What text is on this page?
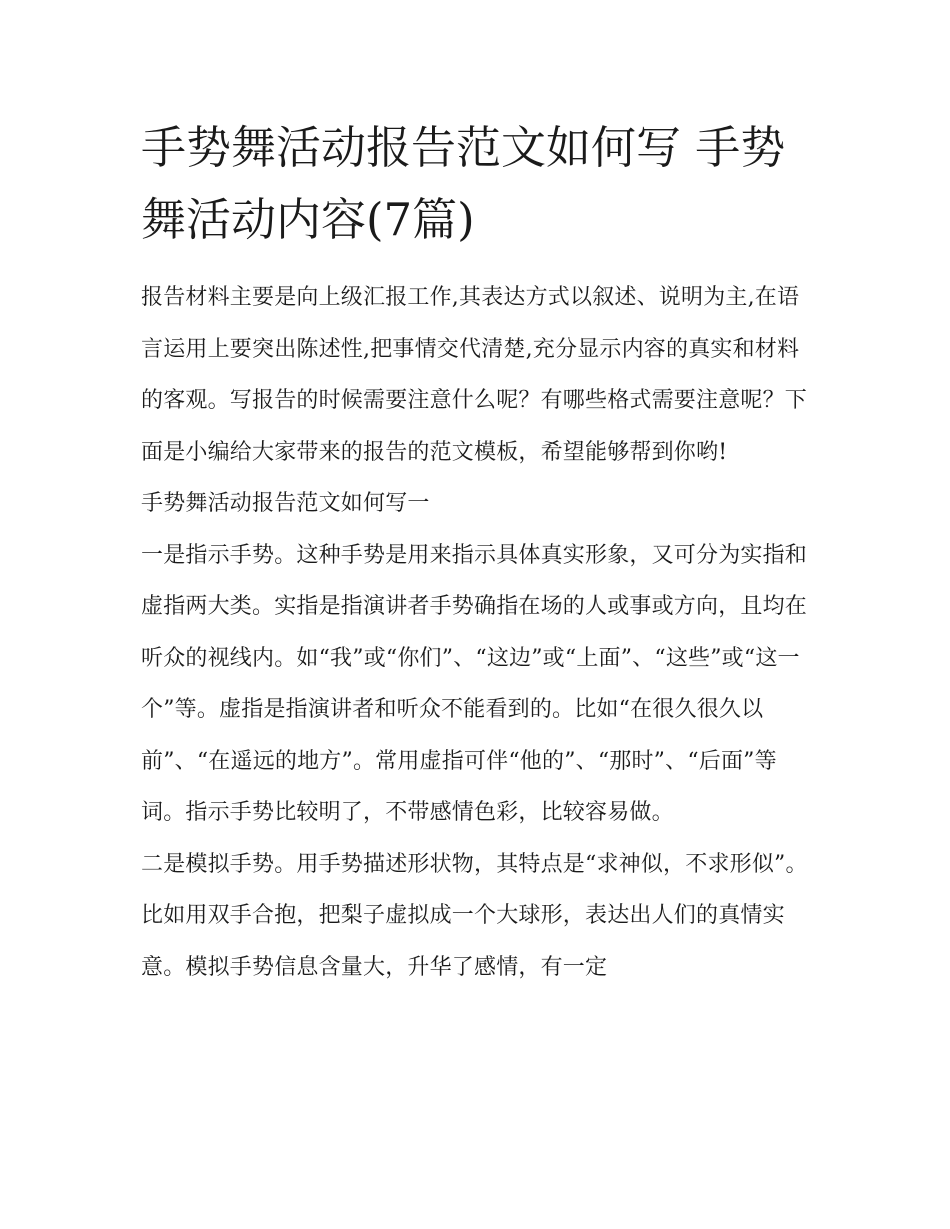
手势舞活动报告范文如何写 手势舞活动内容(7篇)

报告材料主要是向上级汇报工作,其表达方式以叙述、说明为主,在语言运用上要突出陈述性,把事情交代清楚,充分显示内容的真实和材料的客观。写报告的时候需要注意什么呢？有哪些格式需要注意呢？下面是小编给大家带来的报告的范文模板，希望能够帮到你哟!

手势舞活动报告范文如何写一

一是指示手势。这种手势是用来指示具体真实形象，又可分为实指和虚指两大类。实指是指演讲者手势确指在场的人或事或方向，且均在听众的视线内。如“我”或“你们”、“这边”或“上面”、“这些”或“这一个”等。虚指是指演讲者和听众不能看到的。比如“在很久很久以前”、“在遥远的地方”。常用虚指可伴“他的”、“那时”、“后面”等词。指示手势比较明了，不带感情色彩，比较容易做。

二是模拟手势。用手势描述形状物，其特点是“求神似，不求形似”。比如用双手合抱，把梨子虚拟成一个大球形，表达出人们的真情实意。模拟手势信息含量大，升华了感情，有一定
